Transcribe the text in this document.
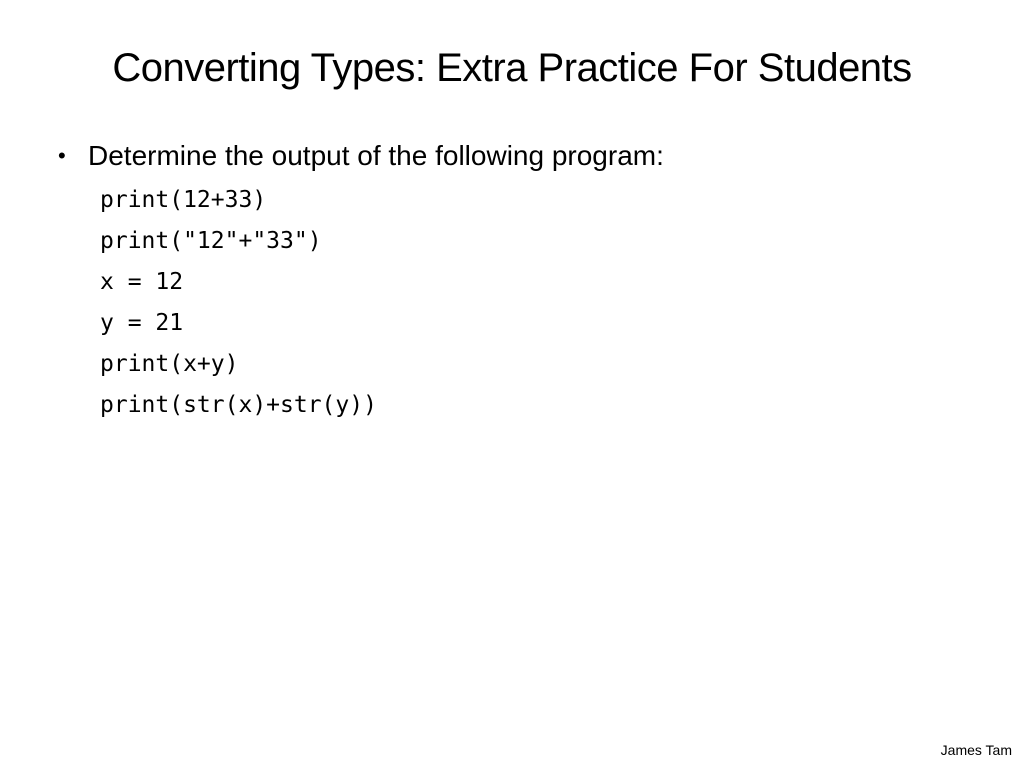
Converting Types: Extra Practice For Students
• Determine the output of the following program:
print(12+33)
print("12"+"33")
x = 12
y = 21
print(x+y)
print(str(x)+str(y))
James Tam
